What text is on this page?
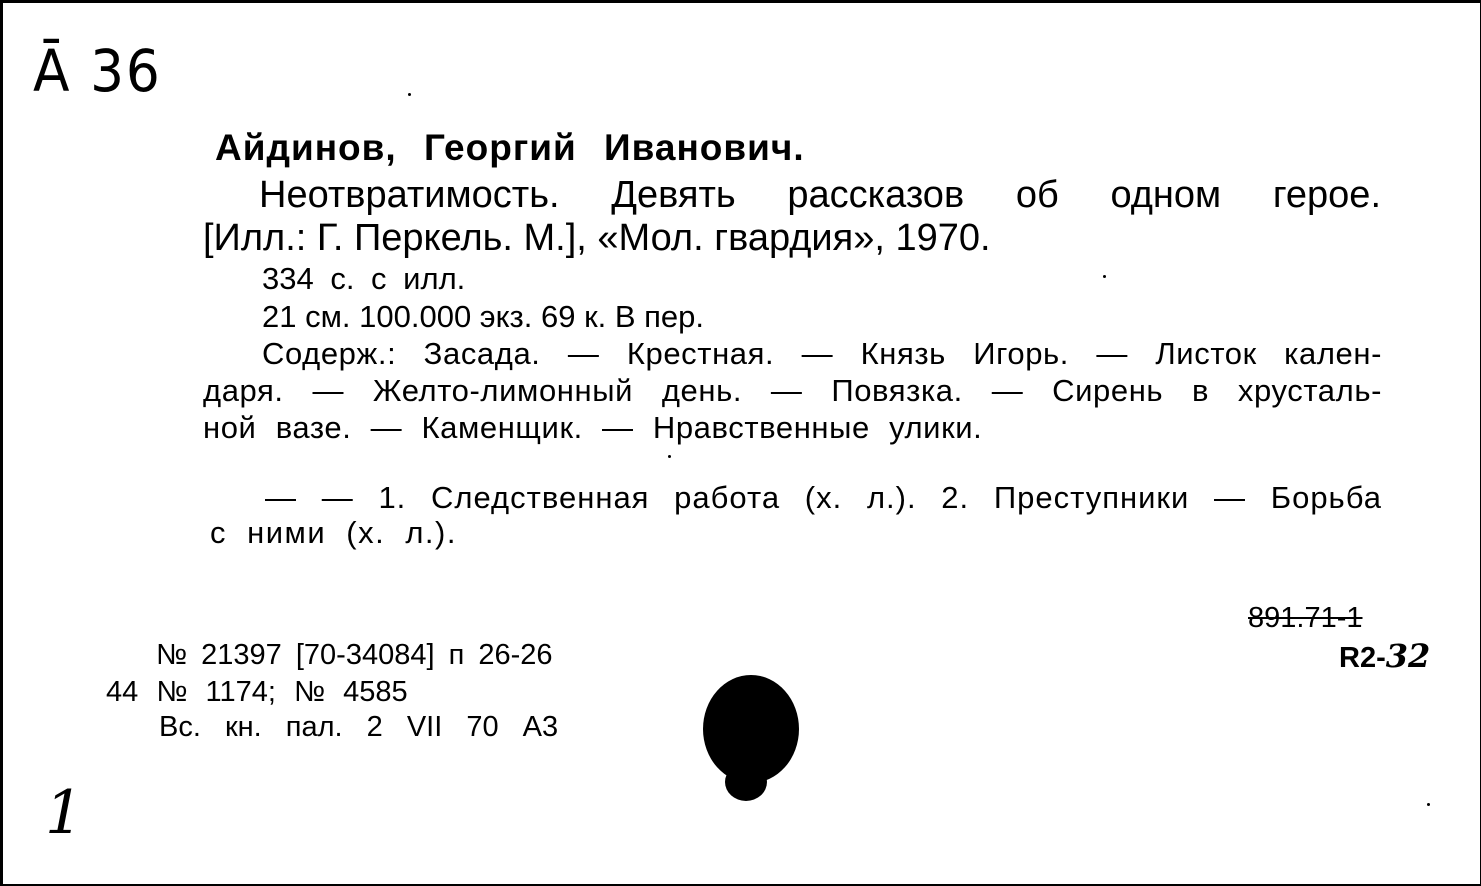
Ā 36
Айдинов, Георгий Иванович.
Неотвратимость. Девять рассказов об одном герое.
[Илл.: Г. Перкель. М.], «Мол. гвардия», 1970.
334 с. с илл.
21 см. 100.000 экз. 69 к. В пер.
Содерж.: Засада. — Крестная. — Князь Игорь. — Листок кален-
даря. — Желто-лимонный день. — Повязка. — Сирень в хрусталь-
ной вазе. — Каменщик. — Нравственные улики.
— — 1. Следственная работа (х. л.). 2. Преступники — Борьба
с ними (х. л.).
№ 21397 [70-34084] п 26-26
44 № 1174; № 4585
Вс. кн. пал. 2 VII 70 А3
891.71-1
R2-32
1
